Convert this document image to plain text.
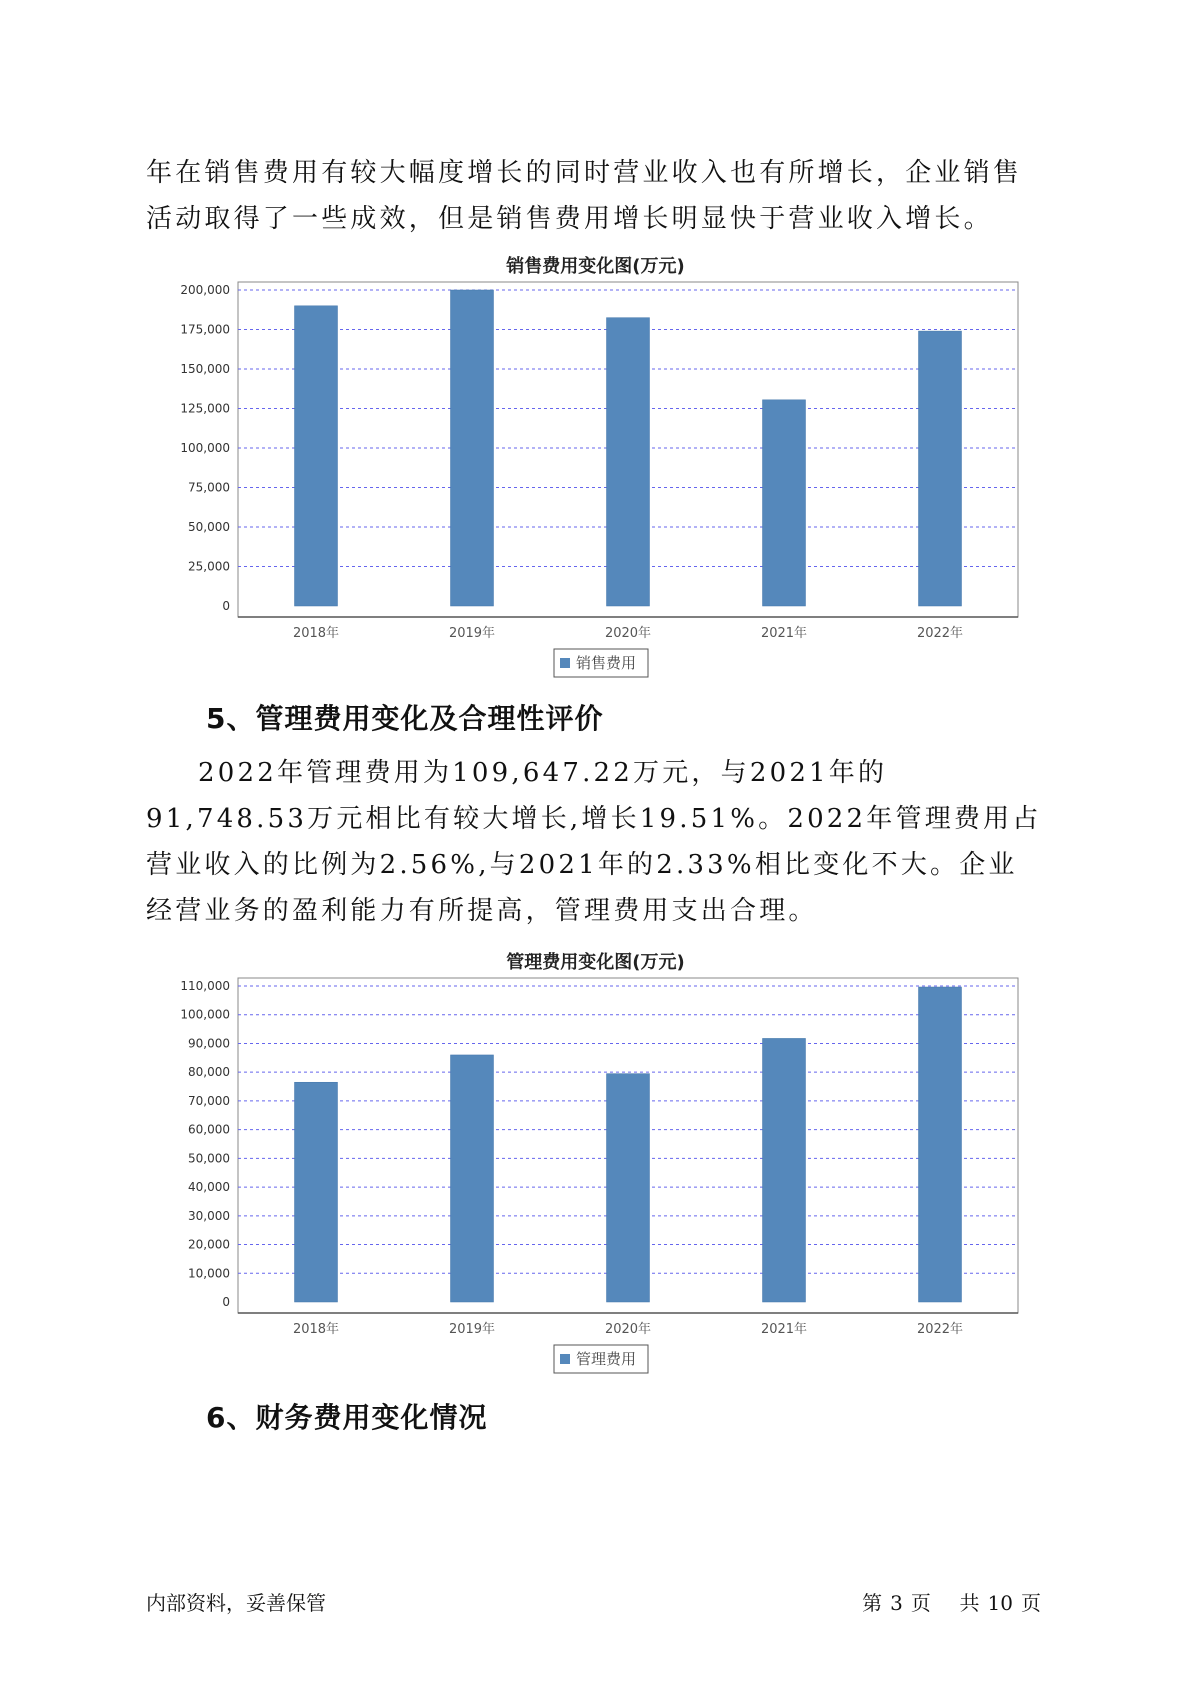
年在销售费用有较大幅度增长的同时营业收入也有所增长，企业销售活动取得了一些成效，但是销售费用增长明显快于营业收入增长。

销售费用变化图(万元)
0
25,000
50,000
75,000
100,000
125,000
150,000
175,000
200,000
2018年	2019年	2020年	2021年	2022年
销售费用
5、管理费用变化及合理性评价

2022年管理费用为109,647.22万元，与2021年的91,748.53万元相比有较大增长,增长19.51%。2022年管理费用占营业收入的比例为2.56%,与2021年的2.33%相比变化不大。企业经营业务的盈利能力有所提高，管理费用支出合理。

管理费用变化图(万元)
0
10,000
20,000
30,000
40,000
50,000
60,000
70,000
80,000
90,000
100,000
110,000
2018年	2019年	2020年	2021年	2022年
管理费用
6、财务费用变化情况
内部资料，妥善保管	第 3 页 共 10 页
